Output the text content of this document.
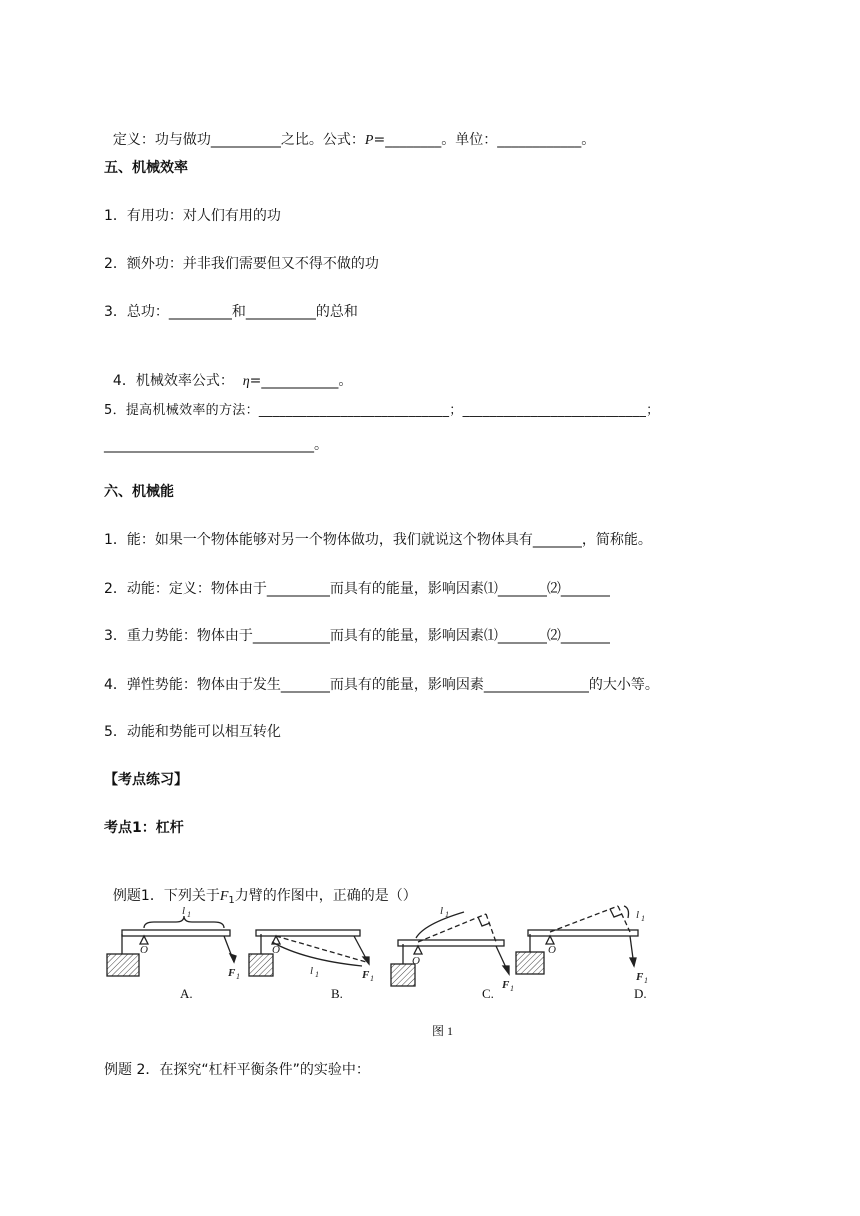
定义：功与做功__________之比。公式：P=________。单位：____________。

五、机械效率
1．有用功：对人们有用的功
2．额外功：并非我们需要但又不得不做的功
3．总功：_________和__________的总和

4．机械效率公式：  η=___________。

5．提高机械效率的方法：____________________________；___________________________；
______________________________。
六、机械能
1．能：如果一个物体能够对另一个物体做功，我们就说这个物体具有_______，简称能。
2．动能：定义：物体由于_________而具有的能量，影响因素⑴_______⑵_______
3．重力势能：物体由于___________而具有的能量，影响因素⑴_______⑵_______
4．弹性势能：物体由于发生_______而具有的能量，影响因素_______________的大小等。
5．动能和势能可以相互转化
【考点练习】
考点1：杠杆

例题1．下列关于$F_1$力臂的作图中，正确的是（）

O	O
O
O
F 1	F 1
F 1
F 1
l 1
l 1
l 1	l 1
A.	B.	C.	D.
图 1
例题 2．在探究“杠杆平衡条件”的实验中：
